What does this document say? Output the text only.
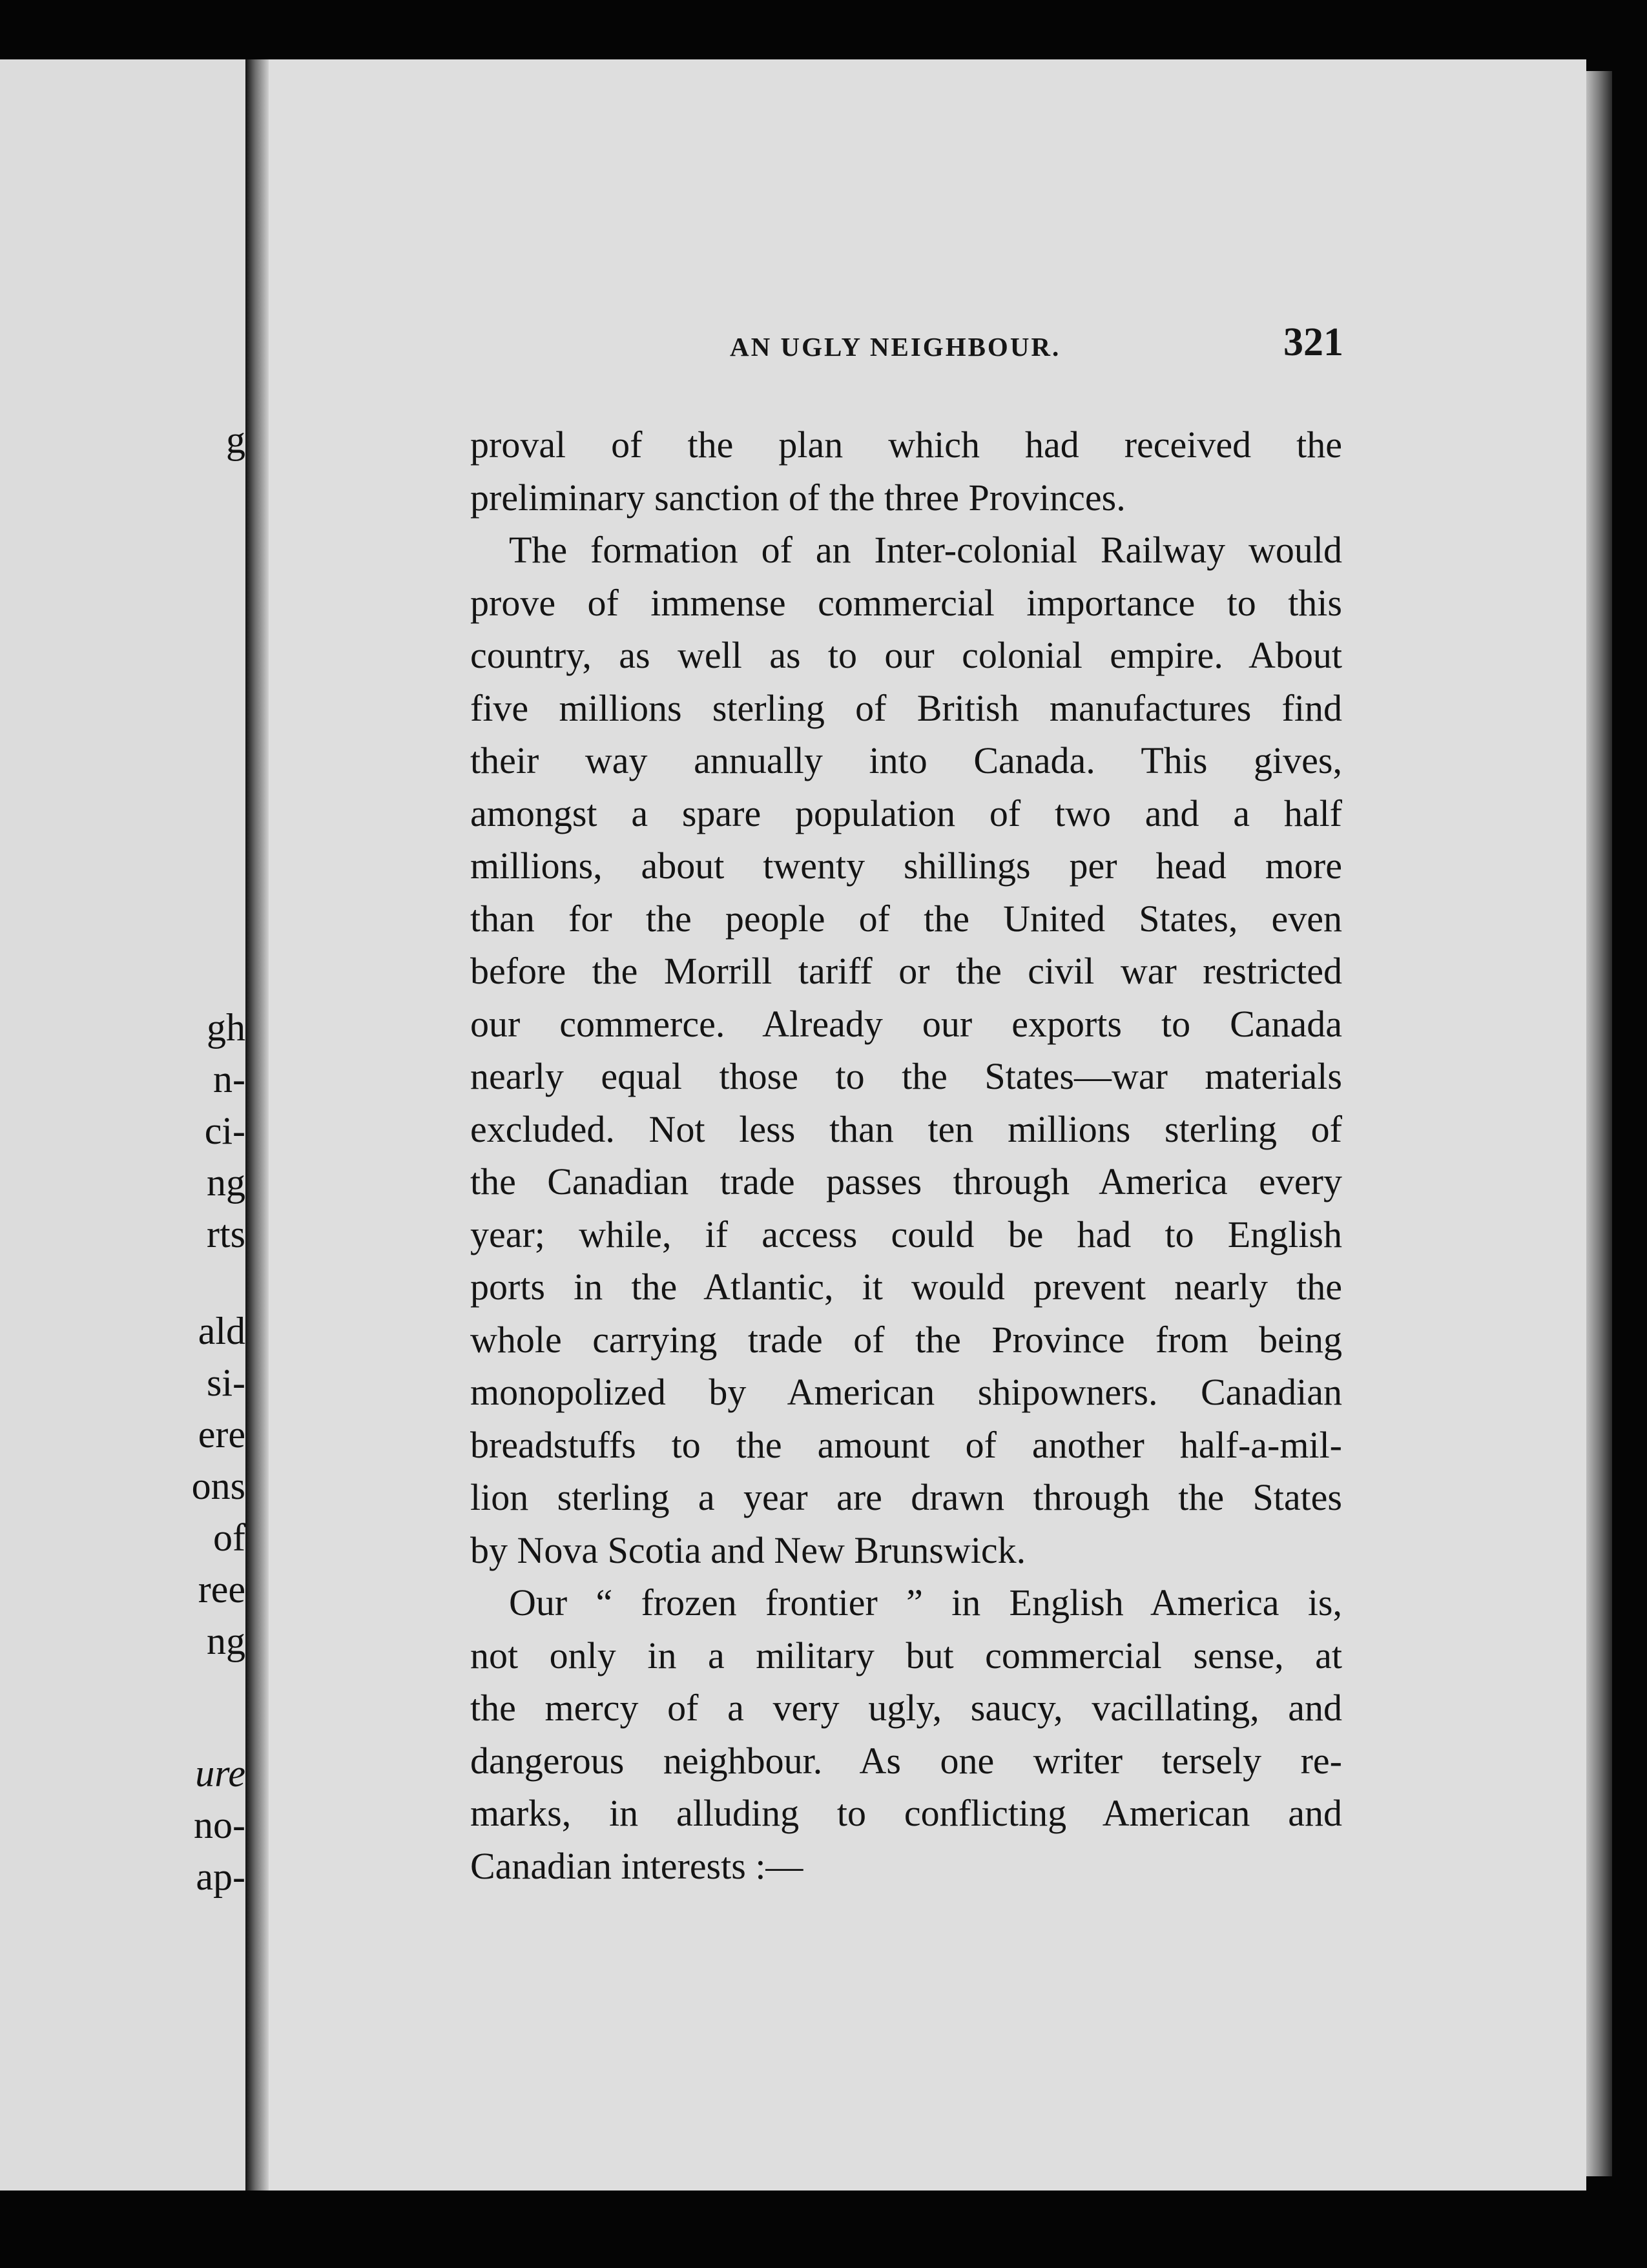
g
gh
n-
ci-
ng
rts
ald
si-
ere
ons
of
ree
ng
ure
no-
ap-
AN UGLY NEIGHBOUR.	321
proval of the plan which had received the
preliminary sanction of the three Provinces.
The formation of an Inter-colonial Railway would
prove of immense commercial importance to this
country, as well as to our colonial empire. About
five millions sterling of British manufactures find
their way annually into Canada. This gives,
amongst a spare population of two and a half
millions, about twenty shillings per head more
than for the people of the United States, even
before the Morrill tariff or the civil war restricted
our commerce. Already our exports to Canada
nearly equal those to the States—war materials
excluded. Not less than ten millions sterling of
the Canadian trade passes through America every
year; while, if access could be had to English
ports in the Atlantic, it would prevent nearly the
whole carrying trade of the Province from being
monopolized by American shipowners. Canadian
breadstuffs to the amount of another half-a-mil-
lion sterling a year are drawn through the States
by Nova Scotia and New Brunswick.
Our “ frozen frontier ” in English America is,
not only in a military but commercial sense, at
the mercy of a very ugly, saucy, vacillating, and
dangerous neighbour. As one writer tersely re-
marks, in alluding to conflicting American and
Canadian interests :—
